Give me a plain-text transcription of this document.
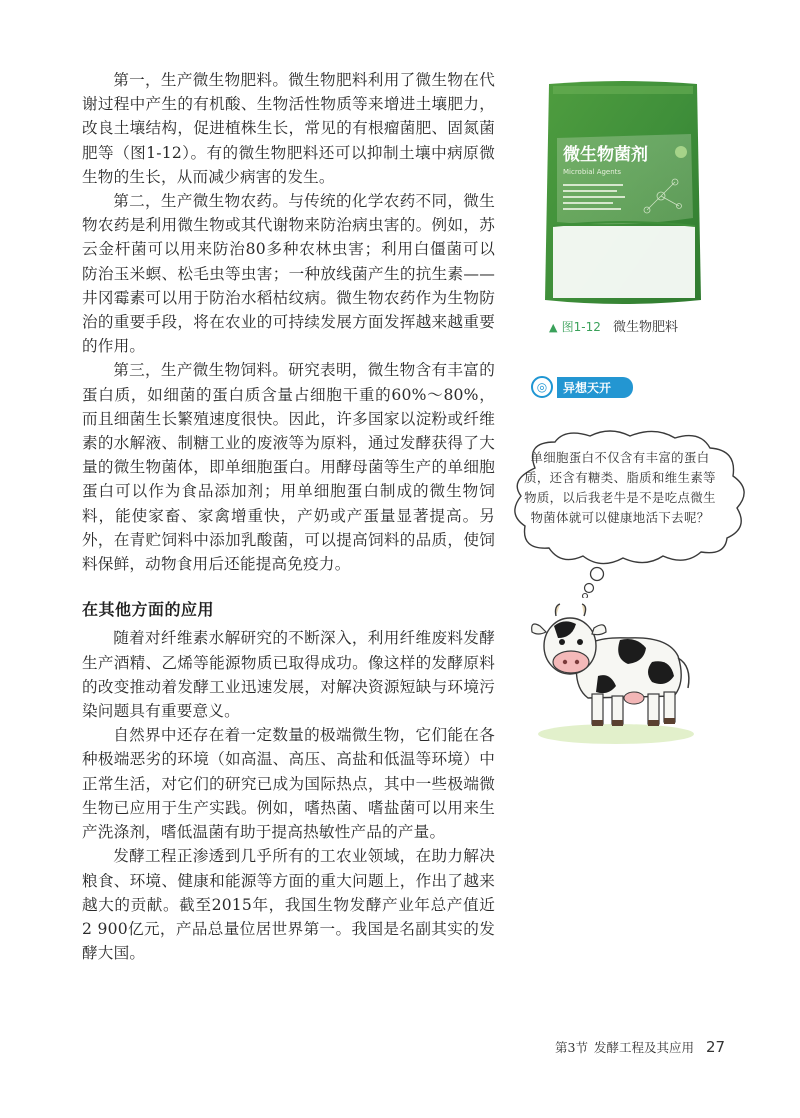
第一，生产微生物肥料。微生物肥料利用了微生物在代谢过程中产生的有机酸、生物活性物质等来增进土壤肥力，改良土壤结构，促进植株生长，常见的有根瘤菌肥、固氮菌肥等（图1-12）。有的微生物肥料还可以抑制土壤中病原微生物的生长，从而减少病害的发生。

第二，生产微生物农药。与传统的化学农药不同，微生物农药是利用微生物或其代谢物来防治病虫害的。例如，苏云金杆菌可以用来防治80多种农林虫害；利用白僵菌可以防治玉米螟、松毛虫等虫害；一种放线菌产生的抗生素——井冈霉素可以用于防治水稻枯纹病。微生物农药作为生物防治的重要手段，将在农业的可持续发展方面发挥越来越重要的作用。

第三，生产微生物饲料。研究表明，微生物含有丰富的蛋白质，如细菌的蛋白质含量占细胞干重的60%～80%，而且细菌生长繁殖速度很快。因此，许多国家以淀粉或纤维素的水解液、制糖工业的废液等为原料，通过发酵获得了大量的微生物菌体，即单细胞蛋白。用酵母菌等生产的单细胞蛋白可以作为食品添加剂；用单细胞蛋白制成的微生物饲料，能使家畜、家禽增重快，产奶或产蛋量显著提高。另外，在青贮饲料中添加乳酸菌，可以提高饲料的品质，使饲料保鲜，动物食用后还能提高免疫力。

在其他方面的应用

随着对纤维素水解研究的不断深入，利用纤维废料发酵生产酒精、乙烯等能源物质已取得成功。像这样的发酵原料的改变推动着发酵工业迅速发展，对解决资源短缺与环境污染问题具有重要意义。

自然界中还存在着一定数量的极端微生物，它们能在各种极端恶劣的环境（如高温、高压、高盐和低温等环境）中正常生活，对它们的研究已成为国际热点，其中一些极端微生物已应用于生产实践。例如，嗜热菌、嗜盐菌可以用来生产洗涤剂，嗜低温菌有助于提高热敏性产品的产量。

发酵工程正渗透到几乎所有的工农业领域，在助力解决粮食、环境、健康和能源等方面的重大问题上，作出了越来越大的贡献。截至2015年，我国生物发酵产业年总产值近2 900亿元，产品总量位居世界第一。我国是名副其实的发酵大国。

微生物菌剂
Microbial Agents
▲ 图1-12 微生物肥料
◎	异想天开
单细胞蛋白不仅含有丰富的蛋白质，还含有糖类、脂质和维生素等物质，以后我老牛是不是吃点微生物菌体就可以健康地活下去呢？
第3节 发酵工程及其应用 27
